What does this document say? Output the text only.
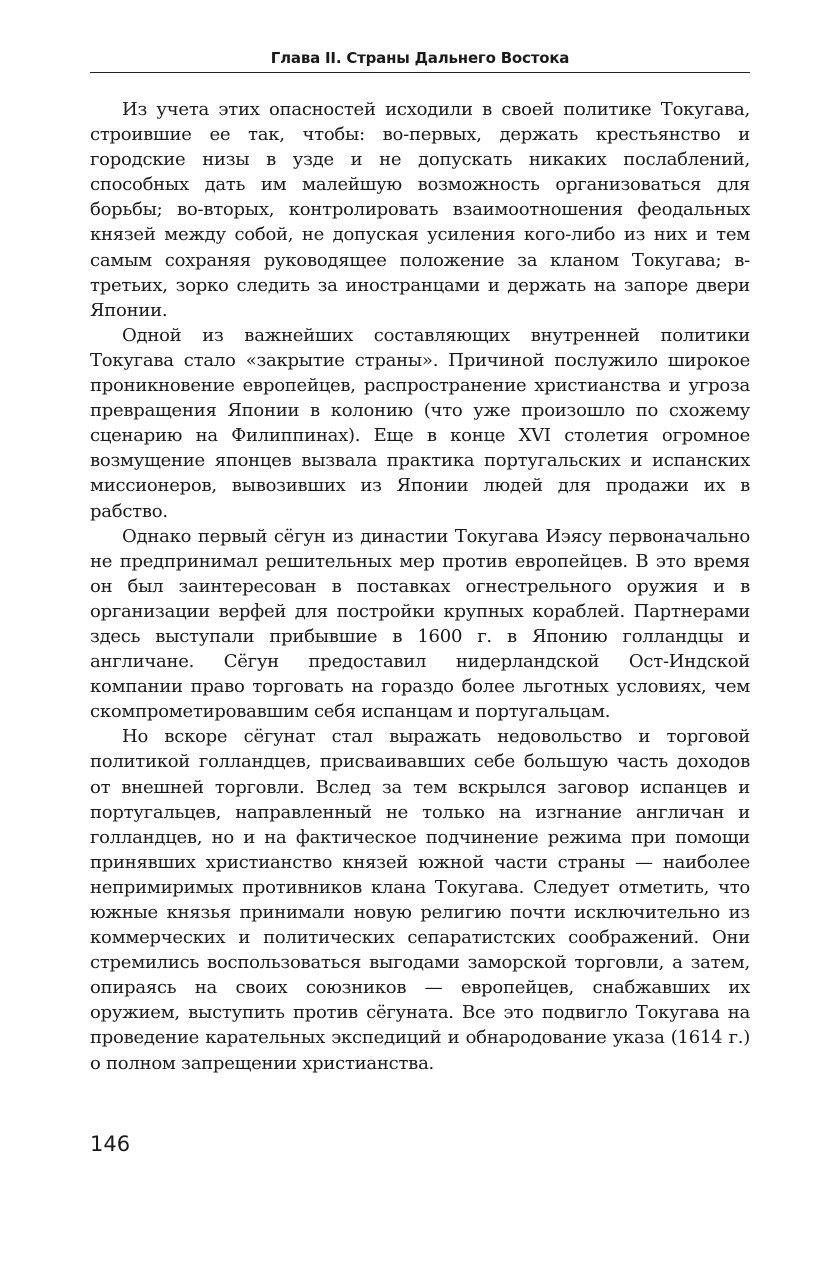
Глава II. Страны Дальнего Востока

Из учета этих опасностей исходили в своей политике Токугава, строившие ее так, чтобы: во-первых, держать крестьянство и городские низы в узде и не допускать никаких послаблений, способных дать им малейшую возможность организоваться для борьбы; во-вторых, контролировать взаимоотношения феодальных князей между собой, не допуская усиления кого-либо из них и тем самым сохраняя руководящее положение за кланом Токугава; в-третьих, зорко следить за иностранцами и держать на запоре двери Японии.

Одной из важнейших составляющих внутренней политики Токугава стало «закрытие страны». Причиной послужило широкое проникновение европейцев, распространение христианства и угроза превращения Японии в колонию (что уже произошло по схожему сценарию на Филиппинах). Еще в конце XVI столетия огромное возмущение японцев вызвала практика португальских и испанских миссионеров, вывозивших из Японии людей для продажи их в рабство.

Однако первый сёгун из династии Токугава Иэясу первоначально не предпринимал решительных мер против европейцев. В это время он был заинтересован в поставках огнестрельного оружия и в организации верфей для постройки крупных кораблей. Партнерами здесь выступали прибывшие в 1600 г. в Японию голландцы и англичане. Сёгун предоставил нидерландской Ост-Индской компании право торговать на гораздо более льготных условиях, чем скомпрометировавшим себя испанцам и португальцам.

Но вскоре сёгунат стал выражать недовольство и торговой политикой голландцев, присваивавших себе большую часть доходов от внешней торговли. Вслед за тем вскрылся заговор испанцев и португальцев, направленный не только на изгнание англичан и голландцев, но и на фактическое подчинение режима при помощи принявших христианство князей южной части страны — наиболее непримиримых противников клана Токугава. Следует отметить, что южные князья принимали новую религию почти исключительно из коммерческих и политических сепаратистских соображений. Они стремились воспользоваться выгодами заморской торговли, а затем, опираясь на своих союзников — европейцев, снабжавших их оружием, выступить против сёгуната. Все это подвигло Токугава на проведение карательных экспедиций и обнародование указа (1614 г.) о полном запрещении христианства.

146
